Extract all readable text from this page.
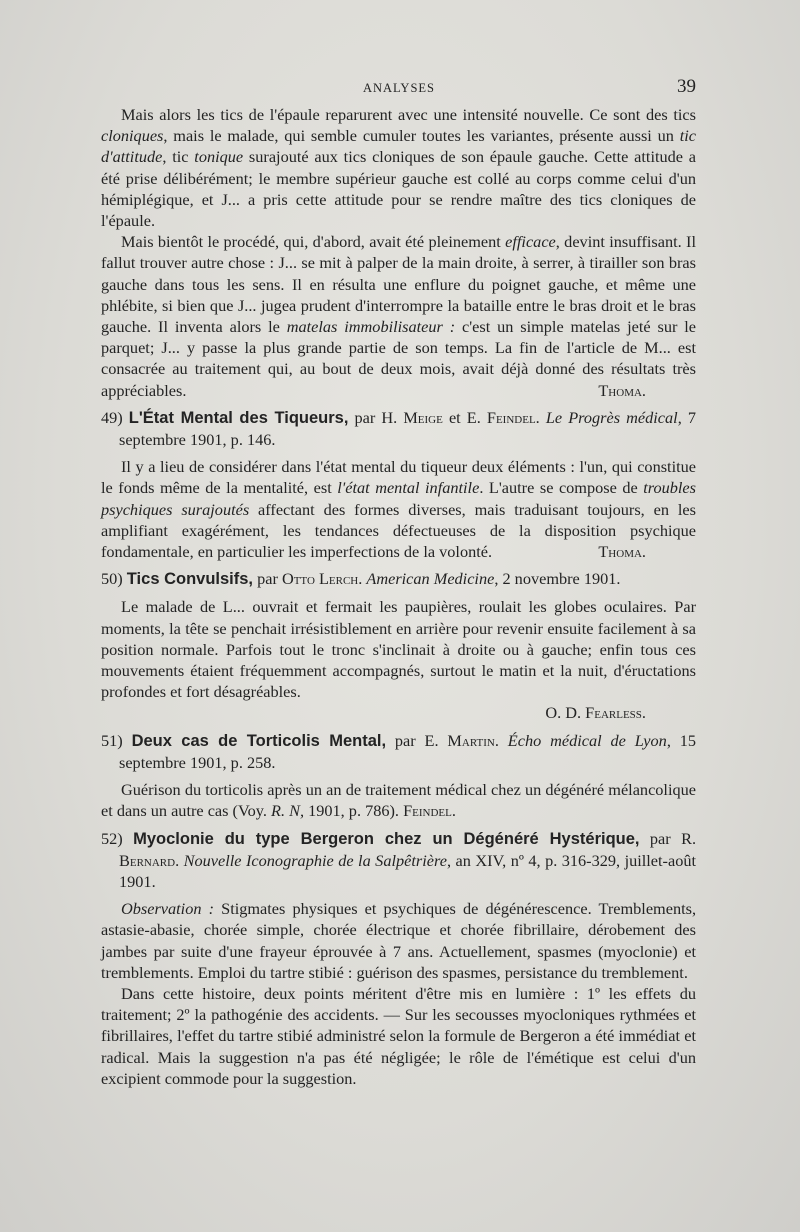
ANALYSES	39

Mais alors les tics de l'épaule reparurent avec une intensité nouvelle. Ce sont des tics cloniques, mais le malade, qui semble cumuler toutes les variantes, présente aussi un tic d'attitude, tic tonique surajouté aux tics cloniques de son épaule gauche. Cette attitude a été prise délibérément; le membre supérieur gauche est collé au corps comme celui d'un hémiplégique, et J... a pris cette attitude pour se rendre maître des tics cloniques de l'épaule.

Mais bientôt le procédé, qui, d'abord, avait été pleinement efficace, devint insuffisant. Il fallut trouver autre chose : J... se mit à palper de la main droite, à serrer, à tirailler son bras gauche dans tous les sens. Il en résulta une enflure du poignet gauche, et même une phlébite, si bien que J... jugea prudent d'interrompre la bataille entre le bras droit et le bras gauche. Il inventa alors le matelas immobilisateur : c'est un simple matelas jeté sur le parquet; J... y passe la plus grande partie de son temps. La fin de l'article de M... est consacrée au traitement qui, au bout de deux mois, avait déjà donné des résultats très appréciables.	Thoma.

49) L'État Mental des Tiqueurs, par H. Meige et E. Feindel. Le Progrès médical, 7 septembre 1901, p. 146.

Il y a lieu de considérer dans l'état mental du tiqueur deux éléments : l'un, qui constitue le fonds même de la mentalité, est l'état mental infantile. L'autre se compose de troubles psychiques surajoutés affectant des formes diverses, mais traduisant toujours, en les amplifiant exagérément, les tendances défectueuses de la disposition psychique fondamentale, en particulier les imperfections de la volonté.	Thoma.

50) Tics Convulsifs, par Otto Lerch. American Medicine, 2 novembre 1901.

Le malade de L... ouvrait et fermait les paupières, roulait les globes oculaires. Par moments, la tête se penchait irrésistiblement en arrière pour revenir ensuite facilement à sa position normale. Parfois tout le tronc s'inclinait à droite ou à gauche; enfin tous ces mouvements étaient fréquemment accompagnés, surtout le matin et la nuit, d'éructations profondes et fort désagréables.

O. D. Fearless.

51) Deux cas de Torticolis Mental, par E. Martin. Écho médical de Lyon, 15 septembre 1901, p. 258.

Guérison du torticolis après un an de traitement médical chez un dégénéré mélancolique et dans un autre cas (Voy. R. N, 1901, p. 786). Feindel.

52) Myoclonie du type Bergeron chez un Dégénéré Hystérique, par R. Bernard. Nouvelle Iconographie de la Salpêtrière, an XIV, nº 4, p. 316-329, juillet-août 1901.

Observation : Stigmates physiques et psychiques de dégénérescence. Tremblements, astasie-abasie, chorée simple, chorée électrique et chorée fibrillaire, dérobement des jambes par suite d'une frayeur éprouvée à 7 ans. Actuellement, spasmes (myoclonie) et tremblements. Emploi du tartre stibié : guérison des spasmes, persistance du tremblement.

Dans cette histoire, deux points méritent d'être mis en lumière : 1º les effets du traitement; 2º la pathogénie des accidents. — Sur les secousses myocloniques rythmées et fibrillaires, l'effet du tartre stibié administré selon la formule de Bergeron a été immédiat et radical. Mais la suggestion n'a pas été négligée; le rôle de l'émétique est celui d'un excipient commode pour la suggestion.
